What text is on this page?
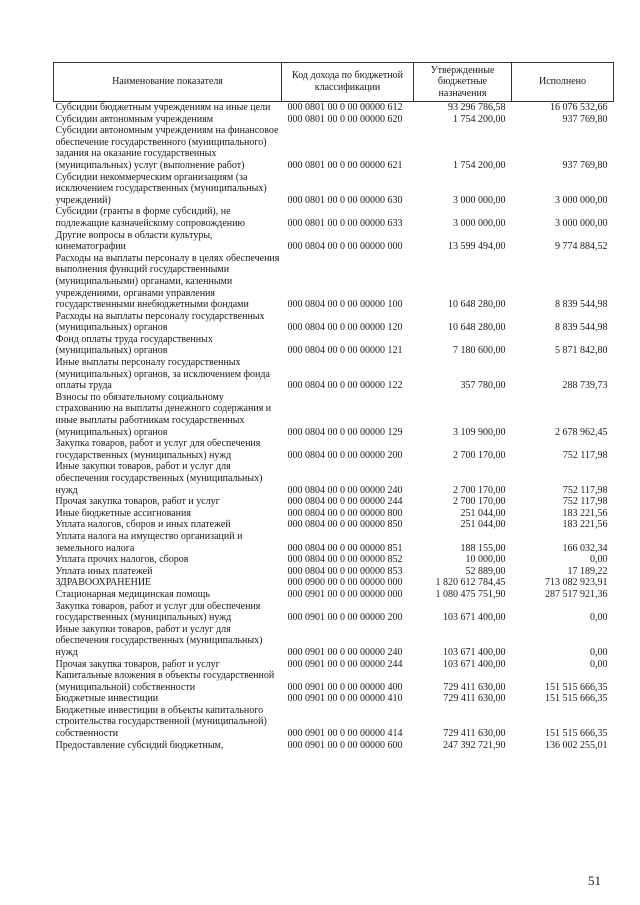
Наименование показателя	Код дохода по бюджетной классификации	Утвержденные бюджетные назначения	Исполнено
Субсидии бюджетным учреждениям на иные цели	000 0801 00 0 00 00000 612	93 296 786,58	16 076 532,66
Субсидии автономным учреждениям	000 0801 00 0 00 00000 620	1 754 200,00	937 769,80
Субсидии автономным учреждениям на финансовое обеспечение государственного (муниципального) задания на оказание государственных (муниципальных) услуг (выполнение работ)	000 0801 00 0 00 00000 621	1 754 200,00	937 769,80
Субсидии некоммерческим организациям (за исключением государственных (муниципальных) учреждений)	000 0801 00 0 00 00000 630	3 000 000,00	3 000 000,00
Субсидии (гранты в форме субсидий), не подлежащие казначейскому сопровождению	000 0801 00 0 00 00000 633	3 000 000,00	3 000 000,00
Другие вопросы в области культуры, кинематографии	000 0804 00 0 00 00000 000	13 599 494,00	9 774 884,52
Расходы на выплаты персоналу в целях обеспечения выполнения функций государственными (муниципальными) органами, казенными учреждениями, органами управления государственными внебюджетными фондами	000 0804 00 0 00 00000 100	10 648 280,00	8 839 544,98
Расходы на выплаты персоналу государственных (муниципальных) органов	000 0804 00 0 00 00000 120	10 648 280,00	8 839 544,98
Фонд оплаты труда государственных (муниципальных) органов	000 0804 00 0 00 00000 121	7 180 600,00	5 871 842,80
Иные выплаты персоналу государственных (муниципальных) органов, за исключением фонда оплаты труда	000 0804 00 0 00 00000 122	357 780,00	288 739,73
Взносы по обязательному социальному страхованию на выплаты денежного содержания и иные выплаты работникам государственных (муниципальных) органов	000 0804 00 0 00 00000 129	3 109 900,00	2 678 962,45
Закупка товаров, работ и услуг для обеспечения государственных (муниципальных) нужд	000 0804 00 0 00 00000 200	2 700 170,00	752 117,98
Иные закупки товаров, работ и услуг для обеспечения государственных (муниципальных) нужд	000 0804 00 0 00 00000 240	2 700 170,00	752 117,98
Прочая закупка товаров, работ и услуг	000 0804 00 0 00 00000 244	2 700 170,00	752 117,98
Иные бюджетные ассигнования	000 0804 00 0 00 00000 800	251 044,00	183 221,56
Уплата налогов, сборов и иных платежей	000 0804 00 0 00 00000 850	251 044,00	183 221,56
Уплата налога на имущество организаций и земельного налога	000 0804 00 0 00 00000 851	188 155,00	166 032,34
Уплата прочих налогов, сборов	000 0804 00 0 00 00000 852	10 000,00	0,00
Уплата иных платежей	000 0804 00 0 00 00000 853	52 889,00	17 189,22
ЗДРАВООХРАНЕНИЕ	000 0900 00 0 00 00000 000	1 820 612 784,45	713 082 923,91
Стационарная медицинская помощь	000 0901 00 0 00 00000 000	1 080 475 751,90	287 517 921,36
Закупка товаров, работ и услуг для обеспечения государственных (муниципальных) нужд	000 0901 00 0 00 00000 200	103 671 400,00	0,00
Иные закупки товаров, работ и услуг для обеспечения государственных (муниципальных) нужд	000 0901 00 0 00 00000 240	103 671 400,00	0,00
Прочая закупка товаров, работ и услуг	000 0901 00 0 00 00000 244	103 671 400,00	0,00
Капитальные вложения в объекты государственной (муниципальной) собственности	000 0901 00 0 00 00000 400	729 411 630,00	151 515 666,35
Бюджетные инвестиции	000 0901 00 0 00 00000 410	729 411 630,00	151 515 666,35
Бюджетные инвестиции в объекты капитального строительства государственной (муниципальной) собственности	000 0901 00 0 00 00000 414	729 411 630,00	151 515 666,35
Предоставление субсидий бюджетным,	000 0901 00 0 00 00000 600	247 392 721,90	136 002 255,01
51
